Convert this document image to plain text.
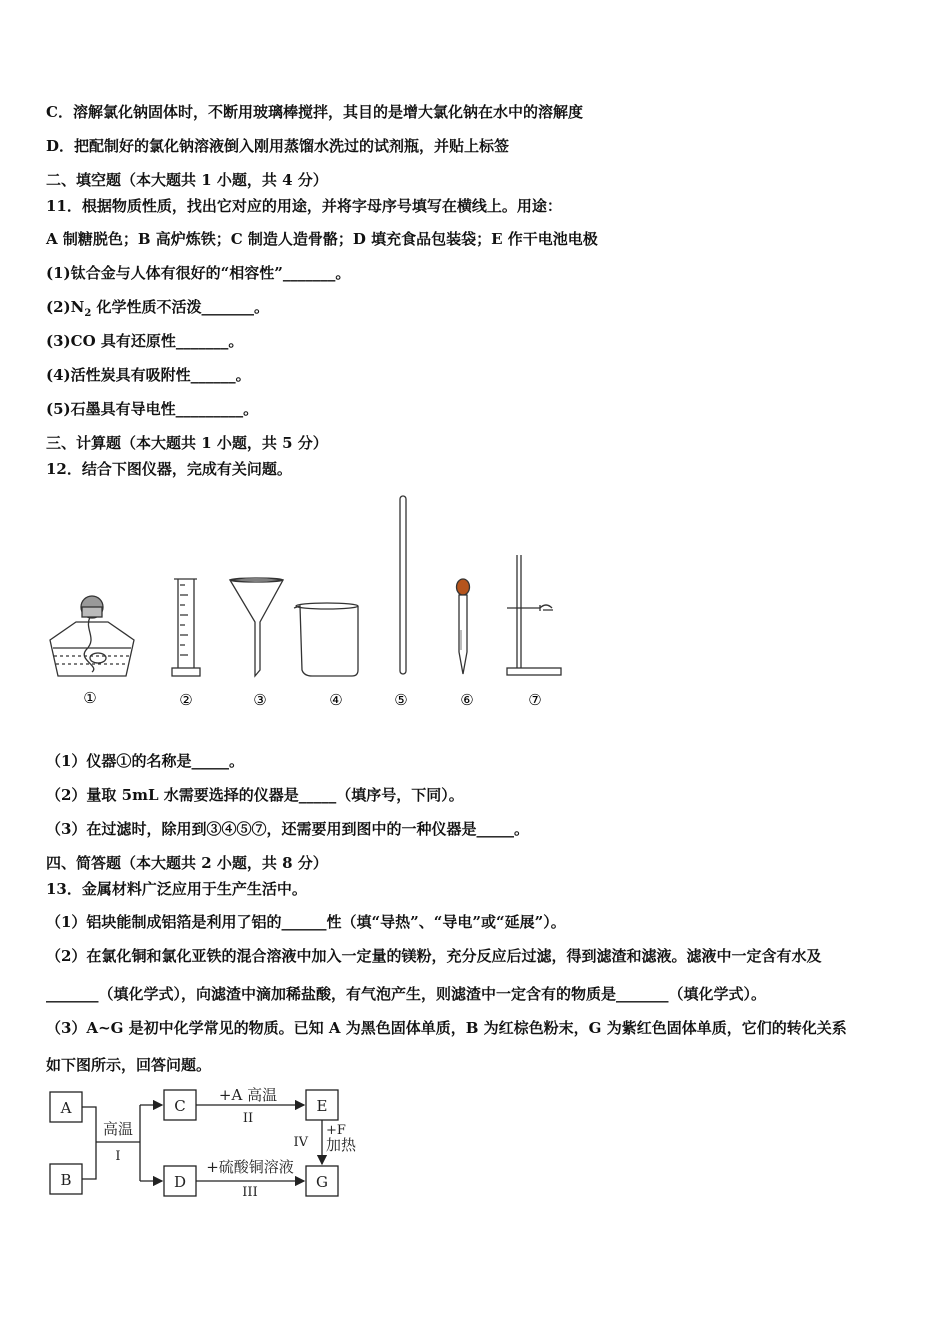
C．溶解氯化钠固体时，不断用玻璃棒搅拌，其目的是增大氯化钠在水中的溶解度
D．把配制好的氯化钠溶液倒入刚用蒸馏水洗过的试剂瓶，并贴上标签
二、填空题（本大题共 1 小题，共 4 分）
11．根据物质性质，找出它对应的用途，并将字母序号填写在横线上。用途：
A 制糖脱色；B 高炉炼铁；C 制造人造骨骼；D 填充食品包装袋；E 作干电池电极
(1)钛合金与人体有很好的“相容性”_______。
$(2)N_2$ 化学性质不活泼_______。
(3)CO 具有还原性_______。
(4)活性炭具有吸附性______。
(5)石墨具有导电性_________。
三、计算题（本大题共 1 小题，共 5 分）
12．结合下图仪器，完成有关问题。
①	②	③	④	⑤	⑥	⑦
（1）仪器①的名称是_____。
（2）量取 5mL 水需要选择的仪器是_____（填序号，下同）。
（3）在过滤时，除用到③④⑤⑦，还需要用到图中的一种仪器是_____。
四、简答题（本大题共 2 小题，共 8 分）
13．金属材料广泛应用于生产生活中。
（1）铝块能制成铝箔是利用了铝的______性（填“导热”、“导电”或“延展”）。
（2）在氯化铜和氯化亚铁的混合溶液中加入一定量的镁粉，充分反应后过滤，得到滤渣和滤液。滤液中一定含有水及
_______（填化学式），向滤渣中滴加稀盐酸，有气泡产生，则滤渣中一定含有的物质是_______（填化学式）。
（3）A~G 是初中化学常见的物质。已知 A 为黑色固体单质，B 为红棕色粉末，G 为紫红色固体单质，它们的转化关系
如下图所示，回答问题。
A
B
C
D
E
G
高温
I
+A 高温
II
+硫酸铜溶液
III
+F
加热
IV
